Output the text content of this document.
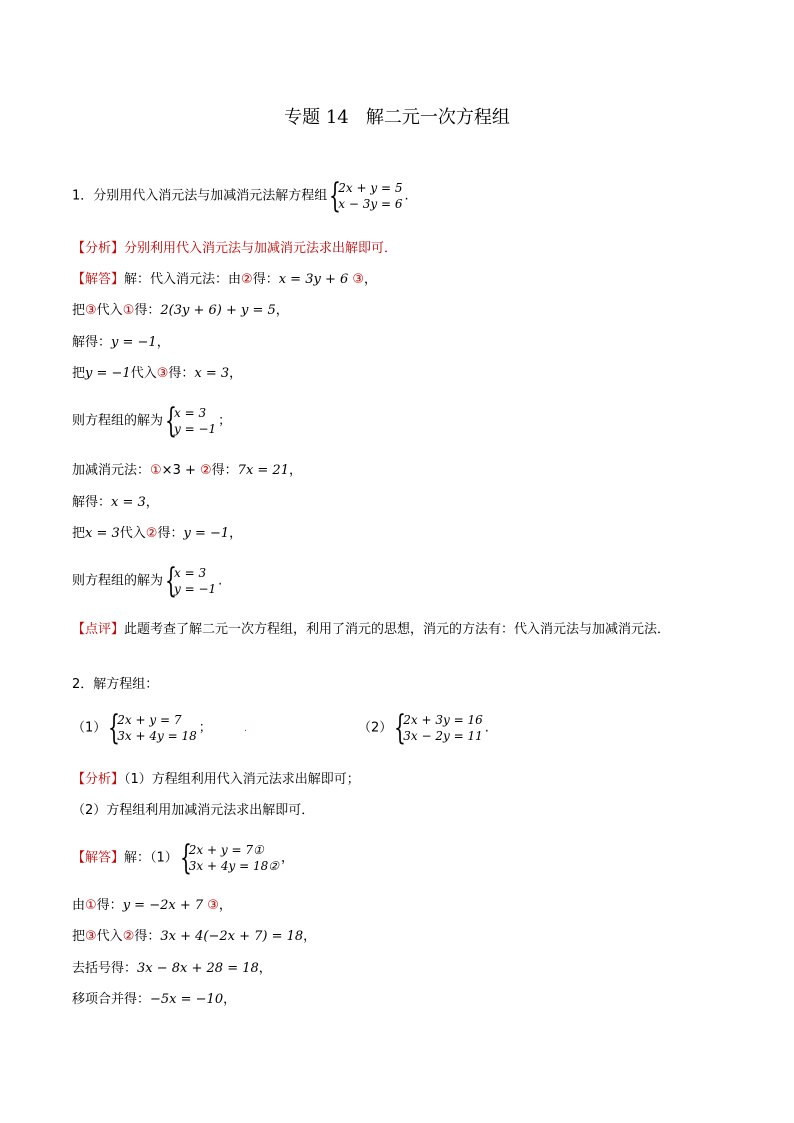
专题 14 解二元一次方程组
1．分别用代入消元法与加减消元法解方程组 {
2x + y = 5
x − 3y = 6
.
【分析】分别利用代入消元法与加减消元法求出解即可．
【解答】解：代入消元法：由②得：x = 3y + 6 ③，
把③代入①得：2(3y + 6) + y = 5，
解得：y = −1，
把y = −1代入③得：x = 3，
则方程组的解为 {
x = 3
y = −1
；
加减消元法：①×3 + ②得：7x = 21，
解得：x = 3，
把x = 3代入②得：y = −1，
则方程组的解为 {
x = 3
y = −1
.
【点评】此题考查了解二元一次方程组，利用了消元的思想，消元的方法有：代入消元法与加减消元法．
2．解方程组：
（1） {
2x + y = 7
3x + 4y = 18
；	.	（2） {
2x + 3y = 16
3x − 2y = 11
.
【分析】（1）方程组利用代入消元法求出解即可；
（2）方程组利用加减消元法求出解即可．
【解答】解：（1） {
2x + y = 7①
3x + 4y = 18②
，
由①得：y = −2x + 7 ③，
把③代入②得：3x + 4(−2x + 7) = 18，
去括号得：3x − 8x + 28 = 18，
移项合并得：−5x = −10，
